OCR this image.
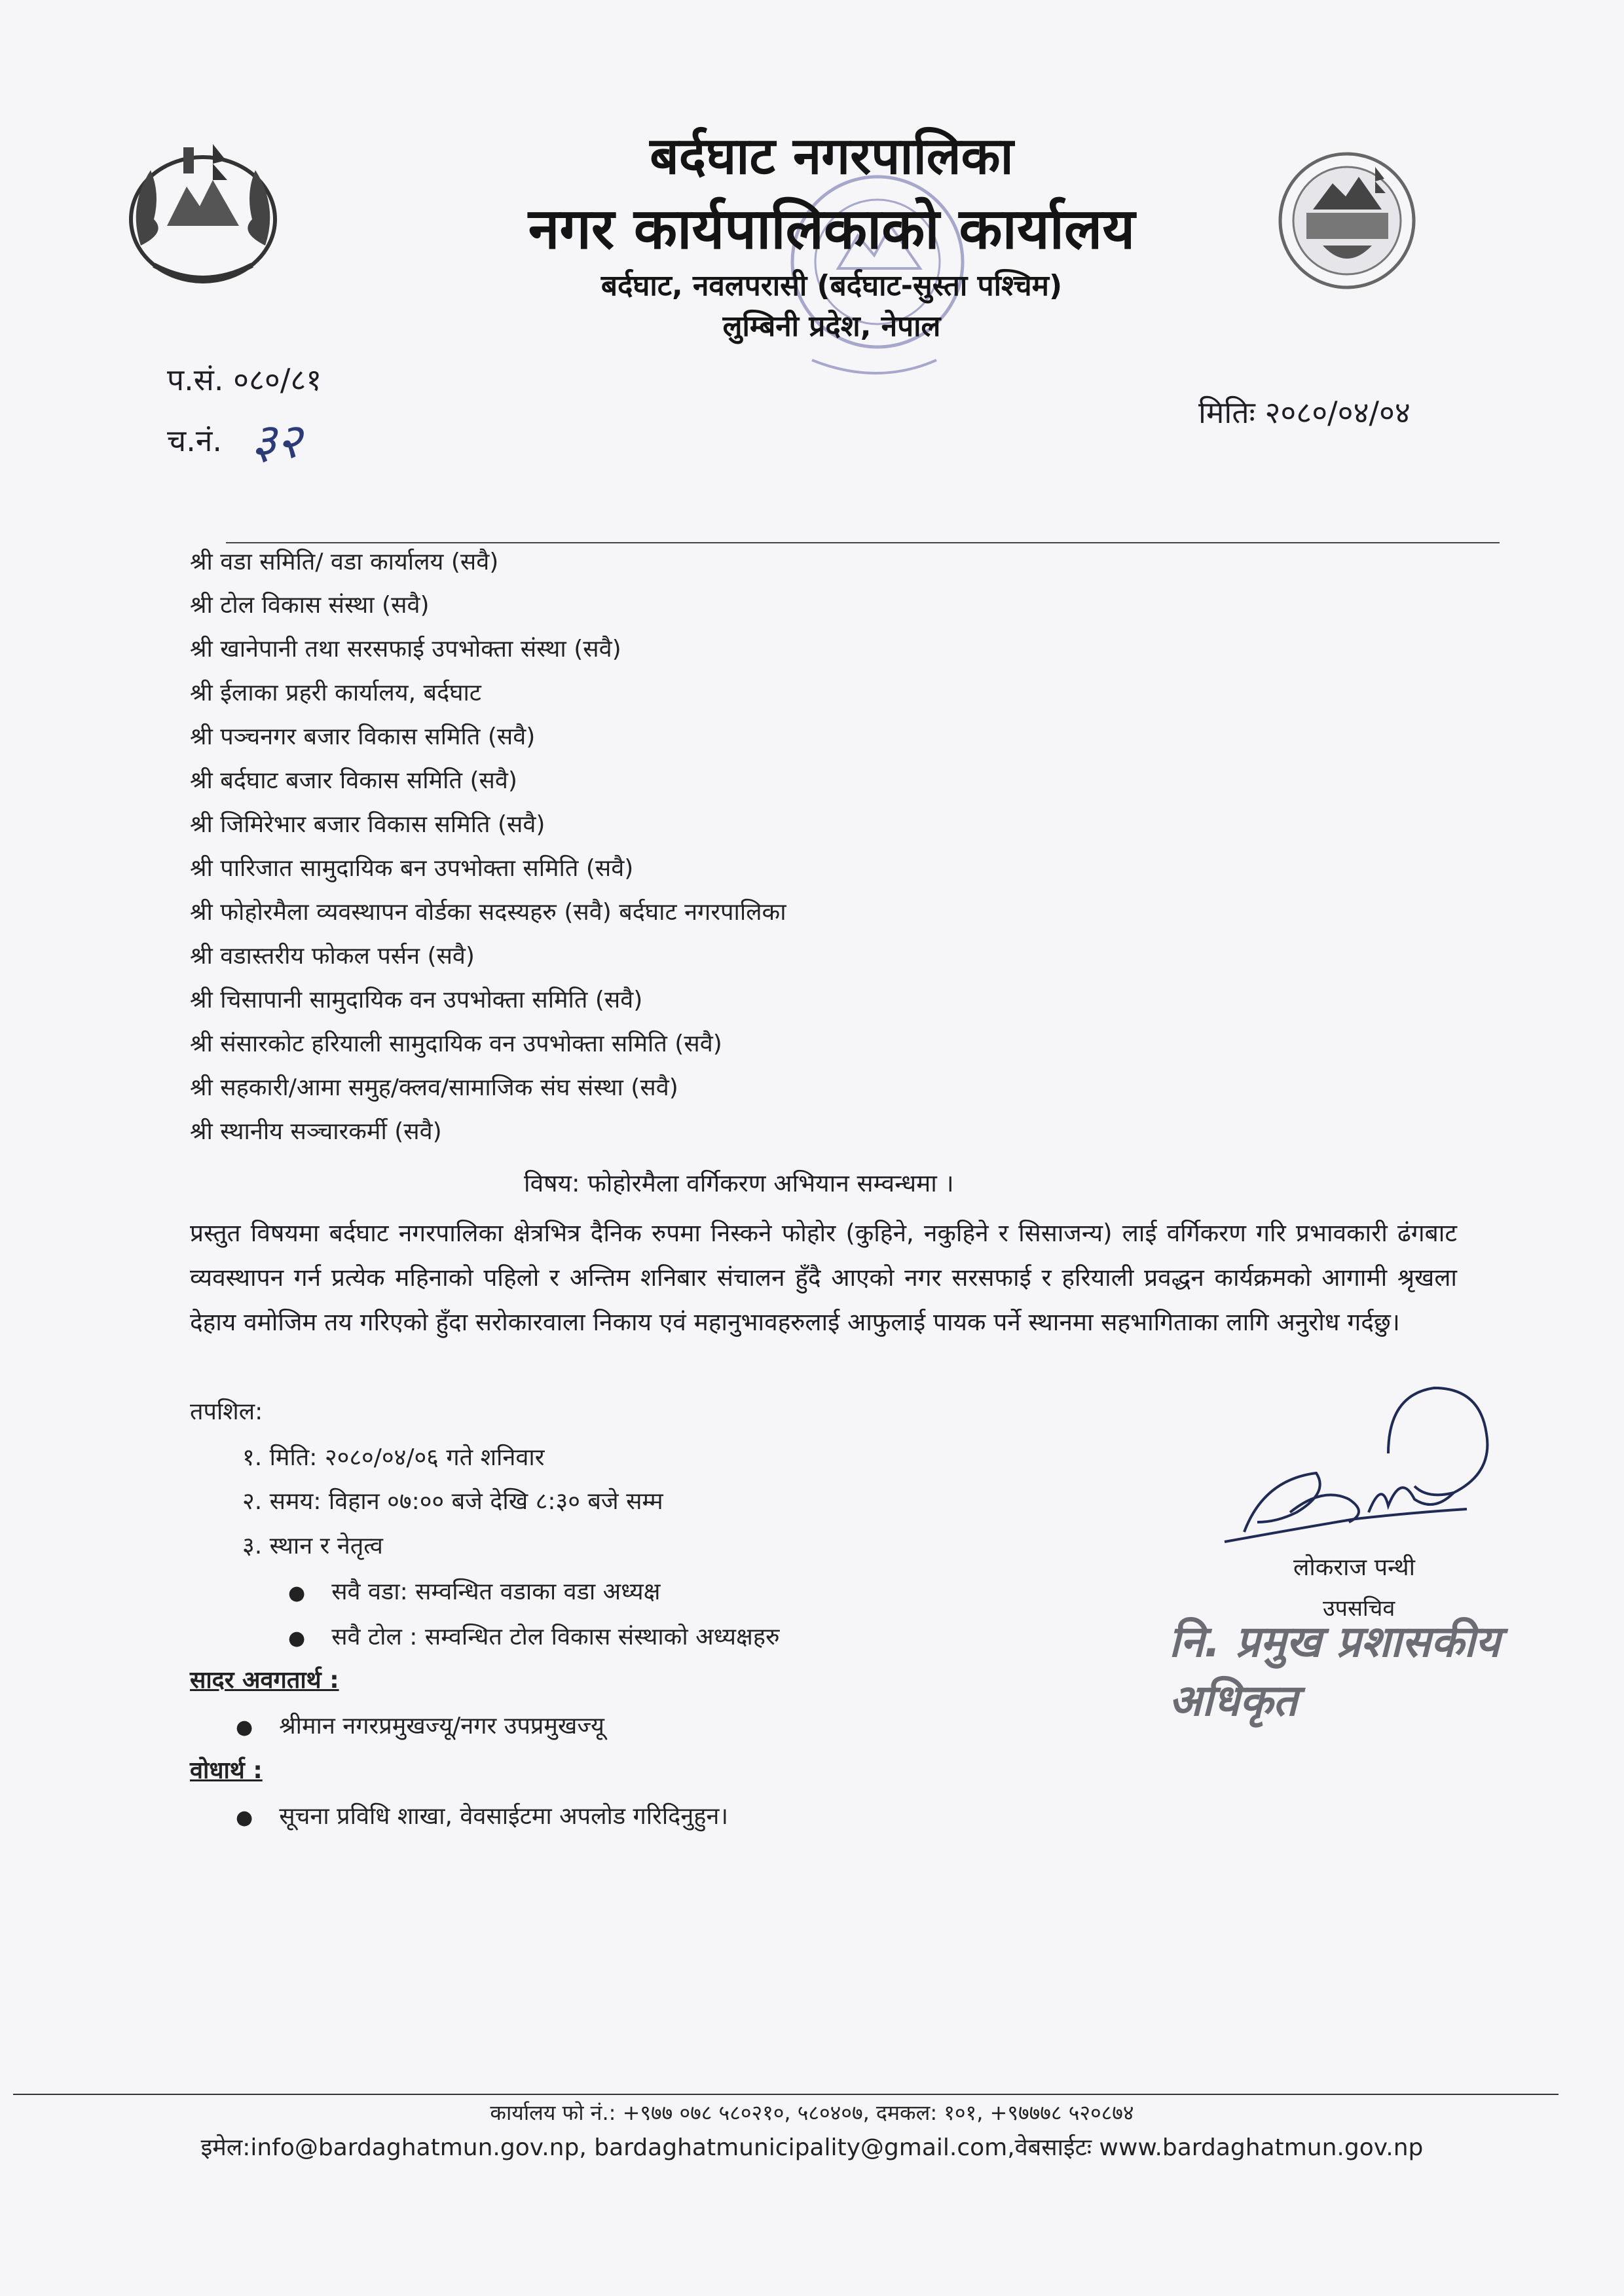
बर्दघाट नगरपालिका
नगर कार्यपालिकाको कार्यालय
बर्दघाट, नवलपरासी (बर्दघाट-सुस्ता पश्चिम)
लुम्बिनी प्रदेश, नेपाल
प.सं. ०८०/८१
च.नं. ३२
मितिः २०८०/०४/०४
श्री वडा समिति/ वडा कार्यालय (सवै)
श्री टोल विकास संस्था (सवै)
श्री खानेपानी तथा सरसफाई उपभोक्ता संस्था (सवै)
श्री ईलाका प्रहरी कार्यालय, बर्दघाट
श्री पञ्चनगर बजार विकास समिति (सवै)
श्री बर्दघाट बजार विकास समिति (सवै)
श्री जिमिरेभार बजार विकास समिति (सवै)
श्री पारिजात सामुदायिक बन उपभोक्ता समिति (सवै)
श्री फोहोरमैला व्यवस्थापन वोर्डका सदस्यहरु (सवै) बर्दघाट नगरपालिका
श्री वडास्तरीय फोकल पर्सन (सवै)
श्री चिसापानी सामुदायिक वन उपभोक्ता समिति (सवै)
श्री संसारकोट हरियाली सामुदायिक वन उपभोक्ता समिति (सवै)
श्री सहकारी/आमा समुह/क्लव/सामाजिक संघ संस्था (सवै)
श्री स्थानीय सञ्चारकर्मी (सवै)
विषय: फोहोरमैला वर्गिकरण अभियान सम्वन्धमा ।
प्रस्तुत विषयमा बर्दघाट नगरपालिका क्षेत्रभित्र दैनिक रुपमा निस्कने फोहोर (कुहिने, नकुहिने र सिसाजन्य) लाई वर्गिकरण गरि प्रभावकारी ढंगबाट व्यवस्थापन गर्न प्रत्येक महिनाको पहिलो र अन्तिम शनिबार संचालन हुँदै आएको नगर सरसफाई र हरियाली प्रवद्धन कार्यक्रमको आगामी श्रृखला देहाय वमोजिम तय गरिएको हुँदा सरोकारवाला निकाय एवं महानुभावहरुलाई आफुलाई पायक पर्ने स्थानमा सहभागिताका लागि अनुरोध गर्दछु।
तपशिल:
१. मिति: २०८०/०४/०६ गते शनिवार
२. समय: विहान ०७:०० बजे देखि ८:३० बजे सम्म
३. स्थान र नेतृत्व
● सवै वडा: सम्वन्धित वडाका वडा अध्यक्ष
● सवै टोल : सम्वन्धित टोल विकास संस्थाको अध्यक्षहरु
सादर अवगतार्थ :
● श्रीमान नगरप्रमुखज्यू/नगर उपप्रमुखज्यू
वोधार्थ :
● सूचना प्रविधि शाखा, वेवसाईटमा अपलोड गरिदिनुहुन।
लोकराज पन्थी
उपसचिव
नि. प्रमुख प्रशासकीय अधिकृत
कार्यालय फो नं.: +९७७ ०७८ ५८०२१०, ५८०४०७, दमकल: १०१, +९७७७८ ५२०८७४
इमेल:info@bardaghatmun.gov.np, bardaghatmunicipality@gmail.com,वेबसाईटः www.bardaghatmun.gov.np
